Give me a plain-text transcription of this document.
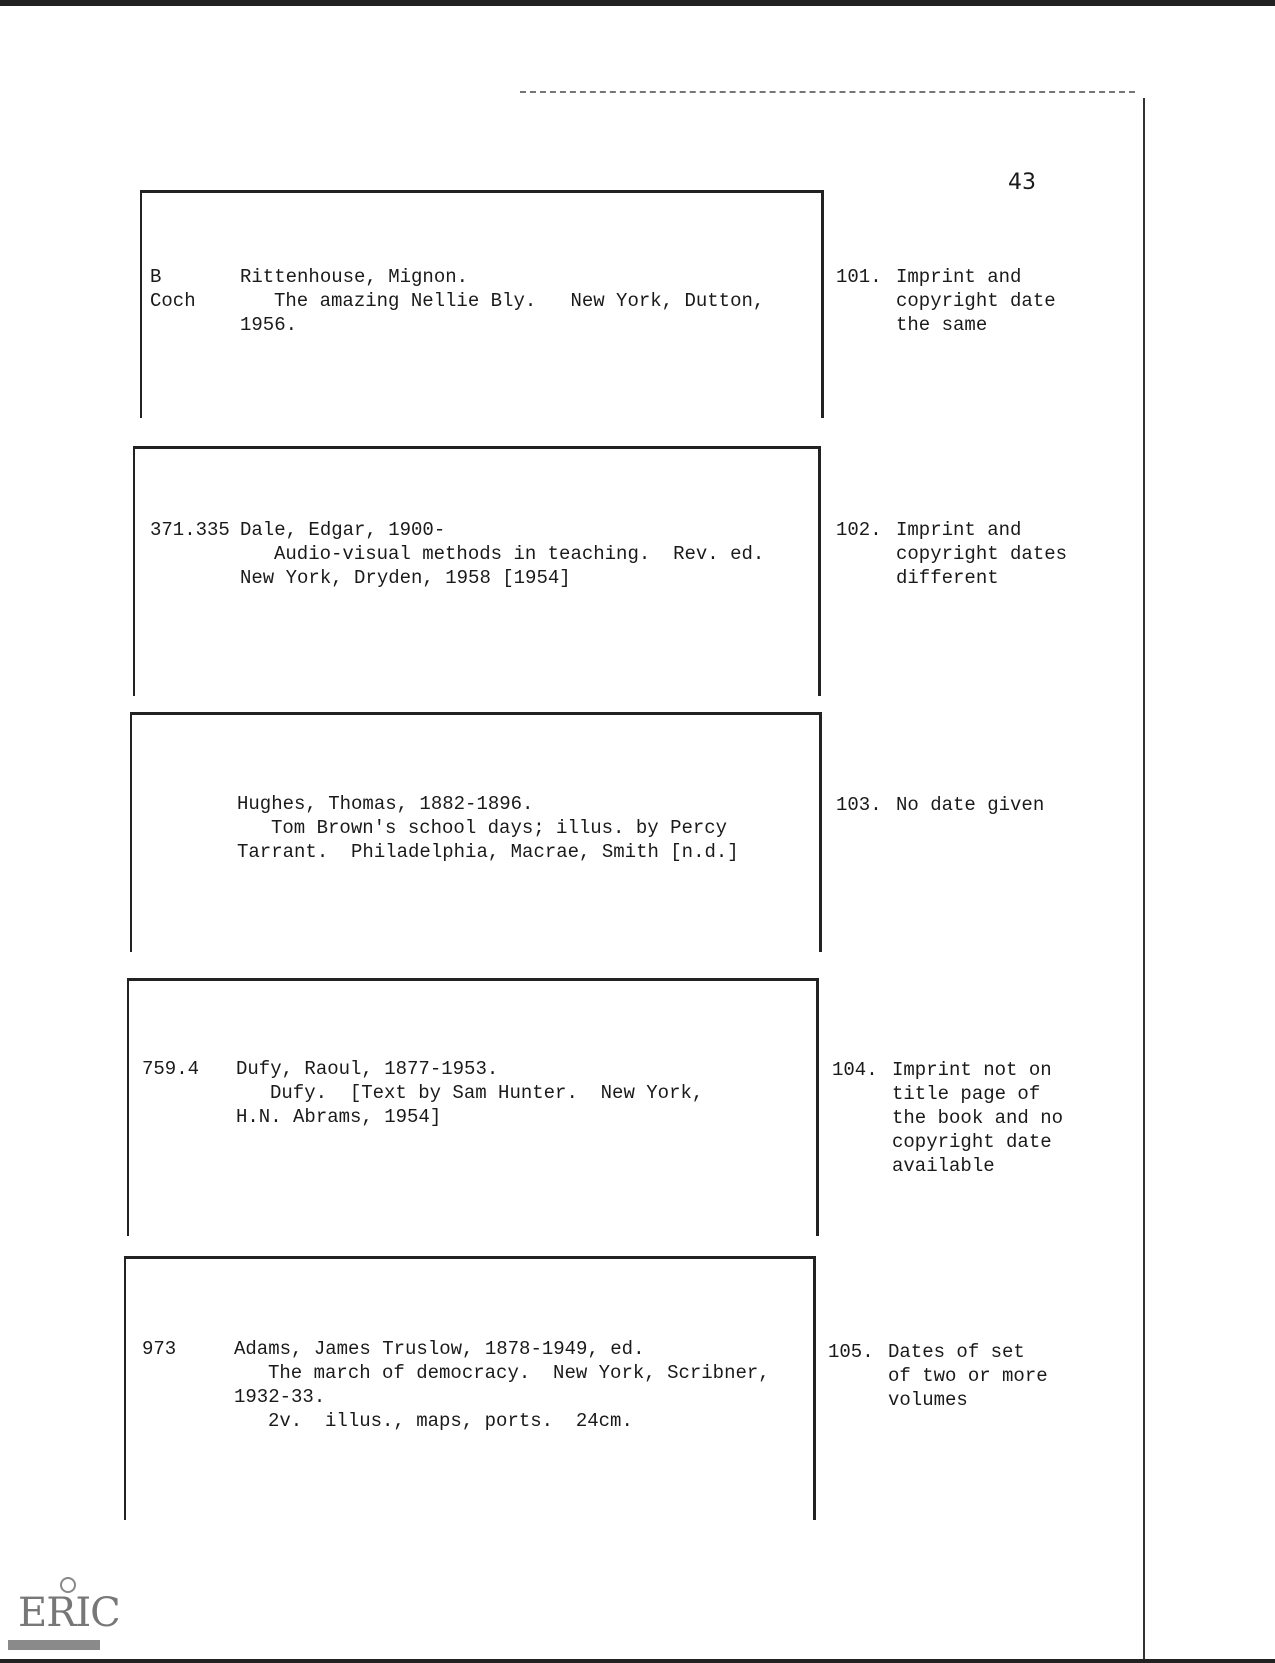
43
B
Coch
Rittenhouse, Mignon.
The amazing Nellie Bly.   New York, Dutton,
1956.
101. Imprint and
copyright date
the same
371.335 Dale, Edgar, 1900-
Audio-visual methods in teaching.  Rev. ed.
New York, Dryden, 1958 [1954]
102. Imprint and
copyright dates
different
Hughes, Thomas, 1882-1896.
Tom Brown's school days; illus. by Percy
Tarrant.  Philadelphia, Macrae, Smith [n.d.]
103. No date given
759.4 Dufy, Raoul, 1877-1953.
Dufy.  [Text by Sam Hunter.  New York,
H.N. Abrams, 1954]
104. Imprint not on
title page of
the book and no
copyright date
available
973	Adams, James Truslow, 1878-1949, ed.
The march of democracy.  New York, Scribner,
1932-33.
2v.  illus., maps, ports.  24cm.
105. Dates of set
of two or more
volumes
ERIC
